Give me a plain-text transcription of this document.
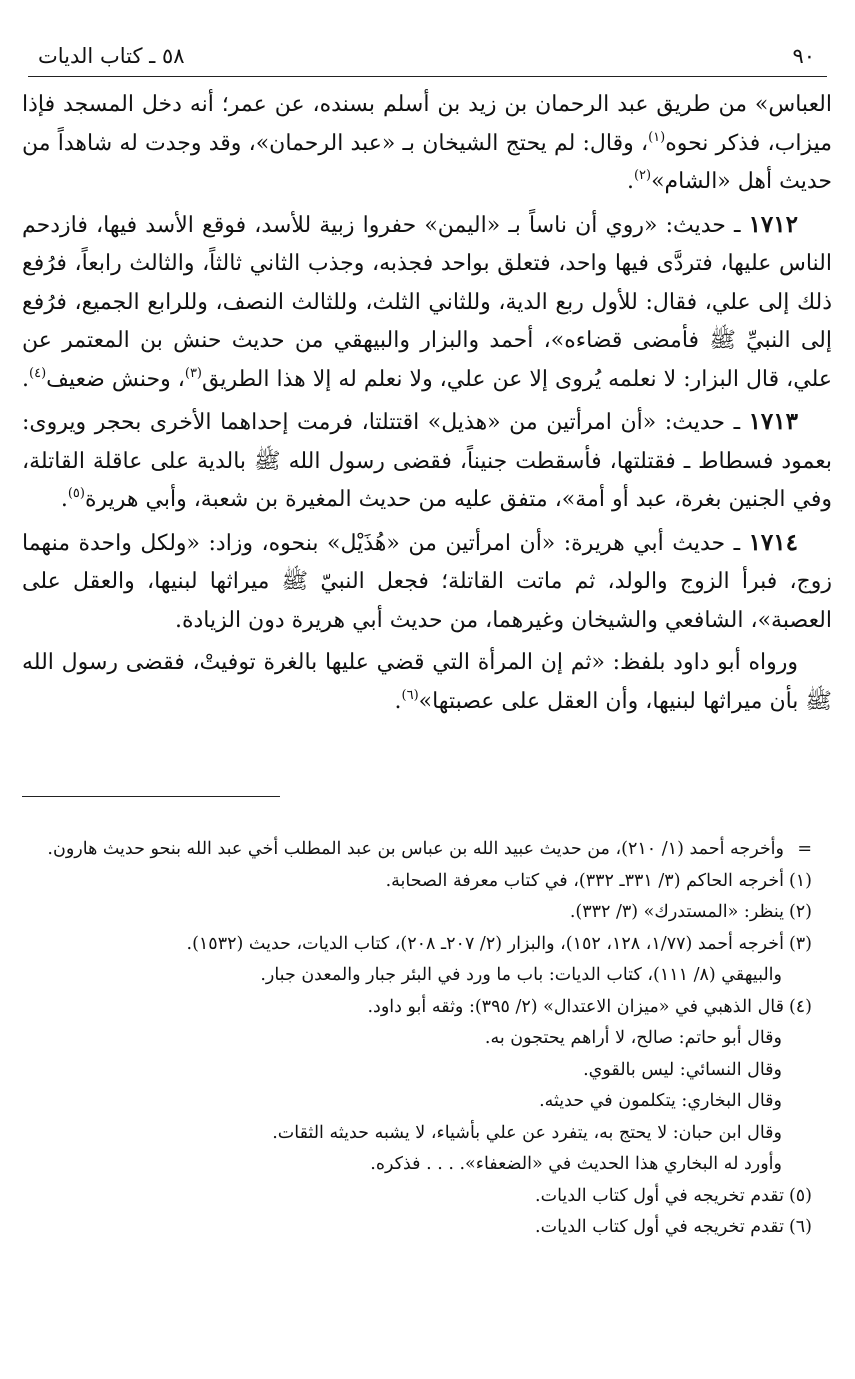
٩٠
٥٨ ـ كتاب الديات

العباس» من طريق عبد الرحمان بن زيد بن أسلم بسنده، عن عمر؛ أنه دخل المسجد فإذا ميزاب، فذكر نحوه$^{(١)}$، وقال: لم يحتج الشيخان بـ «عبد الرحمان»، وقد وجدت له شاهداً من حديث أهل «الشام»$^{(٢)}$.

١٧١٢ ـ حديث: «روي أن ناساً بـ «اليمن» حفروا زبية للأسد، فوقع الأسد فيها، فازدحم الناس عليها، فتردَّى فيها واحد، فتعلق بواحد فجذبه، وجذب الثاني ثالثاً، والثالث رابعاً، فرُفع ذلك إلى علي، فقال: للأول ربع الدية، وللثاني الثلث، وللثالث النصف، وللرابع الجميع، فرُفع إلى النبيِّ ﷺ فأمضى قضاءه»، أحمد والبزار والبيهقي من حديث حنش بن المعتمر عن علي، قال البزار: لا نعلمه يُروى إلا عن علي، ولا نعلم له إلا هذا الطريق$^{(٣)}$، وحنش ضعيف$^{(٤)}$.

١٧١٣ ـ حديث: «أن امرأتين من «هذيل» اقتتلتا، فرمت إحداهما الأخرى بحجر ويروى: بعمود فسطاط ـ فقتلتها، فأسقطت جنيناً، فقضى رسول الله ﷺ بالدية على عاقلة القاتلة، وفي الجنين بغرة، عبد أو أمة»، متفق عليه من حديث المغيرة بن شعبة، وأبي هريرة$^{(٥)}$.

١٧١٤ ـ حديث أبي هريرة: «أن امرأتين من «هُذَيْل» بنحوه، وزاد: «ولكل واحدة منهما زوج، فبرأ الزوج والولد، ثم ماتت القاتلة؛ فجعل النبيّ ﷺ ميراثها لبنيها، والعقل على العصبة»، الشافعي والشيخان وغيرهما، من حديث أبي هريرة دون الزيادة.

ورواه أبو داود بلفظ: «ثم إن المرأة التي قضي عليها بالغرة توفيتْ، فقضى رسول الله ﷺ بأن ميراثها لبنيها، وأن العقل على عصبتها»$^{(٦)}$.

=وأخرجه أحمد (١/ ٢١٠)، من حديث عبيد الله بن عباس بن عبد المطلب أخي عبد الله بنحو حديث هارون.

(١)أخرجه الحاكم (٣/ ٣٣١ـ ٣٣٢)، في كتاب معرفة الصحابة.

(٢)ينظر: «المستدرك» (٣/ ٣٣٢).

(٣)أخرجه أحمد (١/٧٧، ١٢٨، ١٥٢)، والبزار (٢/ ٢٠٧ـ ٢٠٨)، كتاب الديات، حديث (١٥٣٢).

والبيهقي (٨/ ١١١)، كتاب الديات: باب ما ورد في البئر جبار والمعدن جبار.

(٤)قال الذهبي في «ميزان الاعتدال» (٢/ ٣٩٥): وثقه أبو داود.

وقال أبو حاتم: صالح، لا أراهم يحتجون به.

وقال النسائي: ليس بالقوي.

وقال البخاري: يتكلمون في حديثه.

وقال ابن حبان: لا يحتج به، يتفرد عن علي بأشياء، لا يشبه حديثه الثقات.

وأورد له البخاري هذا الحديث في «الضعفاء». . . . فذكره.

(٥)تقدم تخريجه في أول كتاب الديات.

(٦)تقدم تخريجه في أول كتاب الديات.
